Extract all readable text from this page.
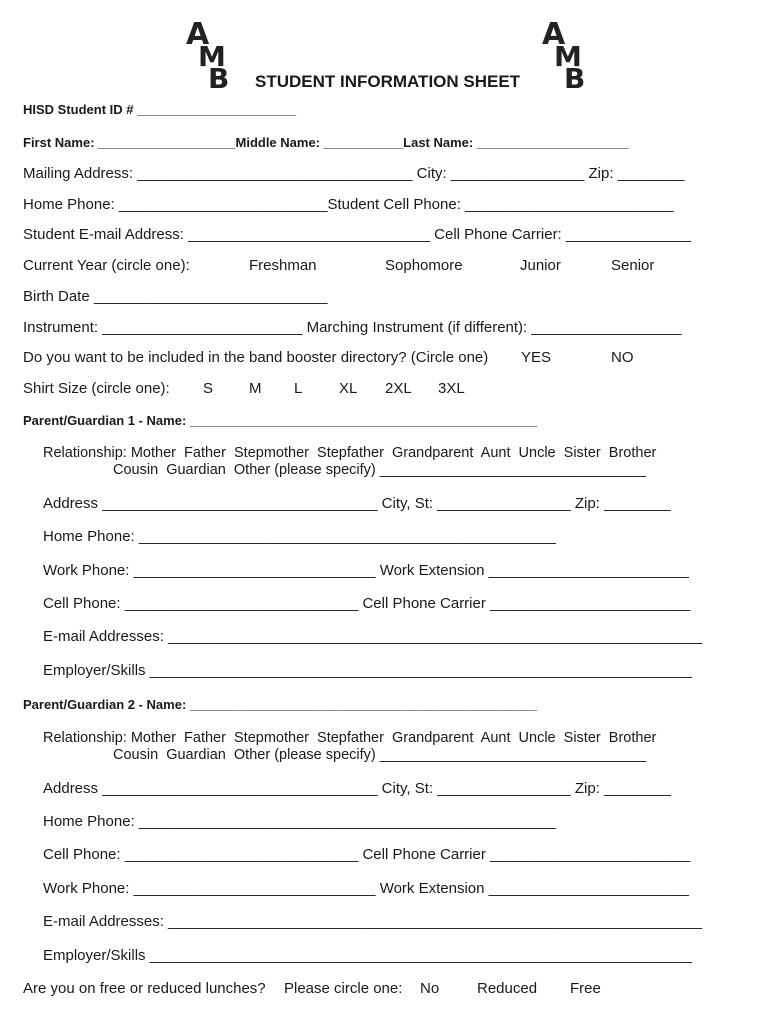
A
M
B
A
M
B
STUDENT INFORMATION SHEET
HISD Student ID # ______________________
First Name: ___________________Middle Name: ___________Last Name: _____________________
Mailing Address: _________________________________ City: ________________ Zip: ________
Home Phone: _________________________Student Cell Phone: _________________________
Student E-mail Address: _____________________________ Cell Phone Carrier: _______________
Current Year (circle one):	Freshman	Sophomore	Junior	Senior
Birth Date ____________________________
Instrument: ________________________ Marching Instrument (if different): __________________
Do you want to be included in the band booster directory? (Circle one) YES	NO
Shirt Size (circle one): S M L XL 2XL 3XL
Parent/Guardian 1 - Name: ________________________________________________
Relationship: Mother  Father  Stepmother  Stepfather  Grandparent  Aunt  Uncle  Sister  Brother
Cousin  Guardian  Other (please specify) _________________________________
Address _________________________________ City, St: ________________ Zip: ________
Home Phone: __________________________________________________
Work Phone: _____________________________ Work Extension ________________________
Cell Phone: ____________________________ Cell Phone Carrier ________________________
E-mail Addresses: ________________________________________________________________
Employer/Skills _________________________________________________________________
Parent/Guardian 2 - Name: ________________________________________________
Relationship: Mother  Father  Stepmother  Stepfather  Grandparent  Aunt  Uncle  Sister  Brother
Cousin  Guardian  Other (please specify) _________________________________
Address _________________________________ City, St: ________________ Zip: ________
Home Phone: __________________________________________________
Cell Phone: ____________________________ Cell Phone Carrier ________________________
Work Phone: _____________________________ Work Extension ________________________
E-mail Addresses: ________________________________________________________________
Employer/Skills _________________________________________________________________
Are you on free or reduced lunches? Please circle one: No	Reduced Free
